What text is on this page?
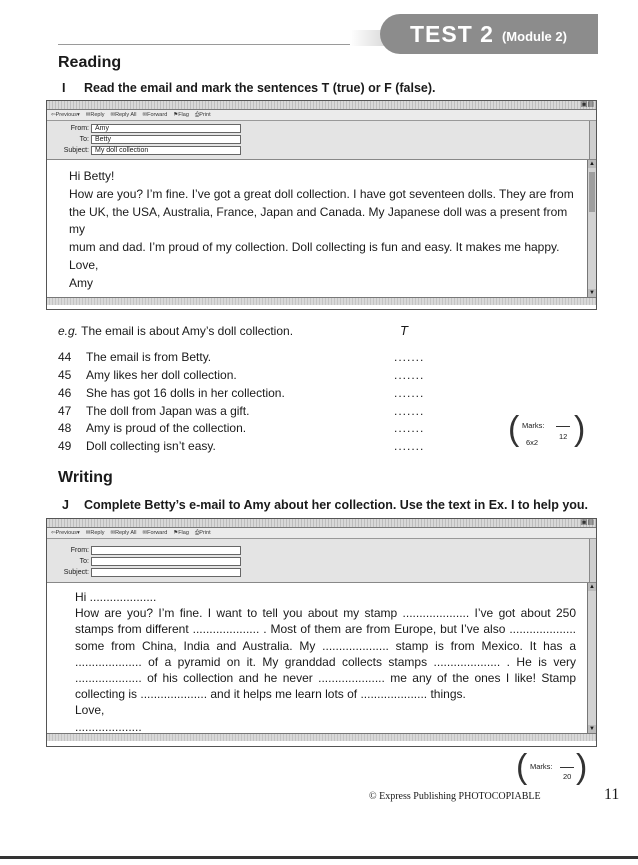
TEST 2 (Module 2)
Reading
I Read the email and mark the sentences T (true) or F (false).
▣▤
⇦ Previous ▾ ✉ Reply ✉ Reply All ✉ Forward ⚑ Flag ⎙ Print
From: Amy
To: Betty
Subject: My doll collection
Hi Betty!
How are you? I’m fine. I’ve got a great doll collection. I have got seventeen dolls. They are from
the UK, the USA, Australia, France, Japan and Canada. My Japanese doll was a present from my
mum and dad. I’m proud of my collection. Doll collecting is fun and easy. It makes me happy.
Love,
Amy
▲
▼
e.g. The email is about Amy’s doll collection.	T
44	The email is from Betty.	.......
45	Amy likes her doll collection.	.......
46	She has got 16 dolls in her collection.	.......
47	The doll from Japan was a gift.	.......
48	Amy is proud of the collection.	.......
49	Doll collecting isn’t easy.	....... ( Marks:
12
6x2 )
Writing
J Complete Betty’s e-mail to Amy about her collection. Use the text in Ex. I to help you.
▣▤
⇦ Previous ▾ ✉ Reply ✉ Reply All ✉ Forward ⚑ Flag ⎙ Print
From:
To:
Subject:

Hi ....................

How are you? I’m fine. I want to tell you about my stamp .................... I’ve got about 250 stamps from different .................... . Most of them are from Europe, but I’ve also .................... some from China, India and Australia. My .................... stamp is from Mexico. It has a .................... of a pyramid on it. My granddad collects stamps .................... . He is very .................... of his collection and he never .................... me any of the ones I like! Stamp collecting is .................... and it helps me learn lots of .................... things.

Love,

....................

▲
▼
( Marks:
20 )
© Express Publishing PHOTOCOPIABLE	11
